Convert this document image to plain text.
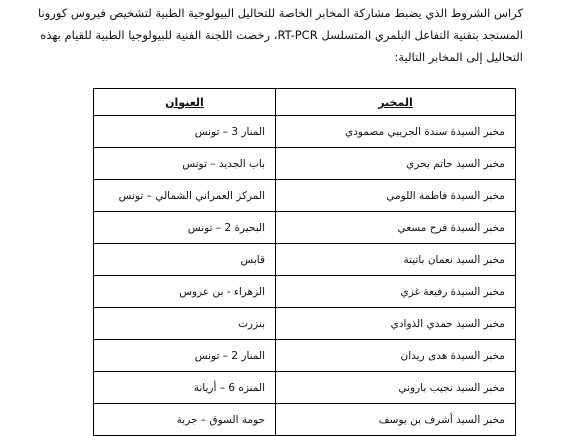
كراس الشروط الذي يضبط مشاركة المخابر الخاصة للتحاليل البيولوجية الطبية لتشخيص فيروس كورونا
المستجد بتقنية التفاعل البلمري المتسلسل RT-PCR، رخصت اللجنة الفنية للبيولوجيا الطبية للقيام بهذه
التحاليل إلى المخابر التالية:

المخبر	العنوان
مخبر السيدة سندة الجريبي مصمودي	المنار 3 – تونس
مخبر السيد حاتم بحري	باب الجديد – تونس
مخبر السيدة فاطمة اللومي	المركز العمراني الشمالي – تونس
مخبر السيدة فرح مسعي	البحيرة 2 – تونس
مخبر السيد نعمان باتيتة	قابس
مخبر السيدة رفيعة غزي	الزهراء - بن عروس
مخبر السيد حمدي الذوادي	بنزرت
مخبر السيدة هدى ريدان	المنار 2 – تونس
مخبر السيد نجيب باروني	المنزه 6 – أريانة
مخبر السيد أشرف بن يوسف	حومة السوق – جربة
